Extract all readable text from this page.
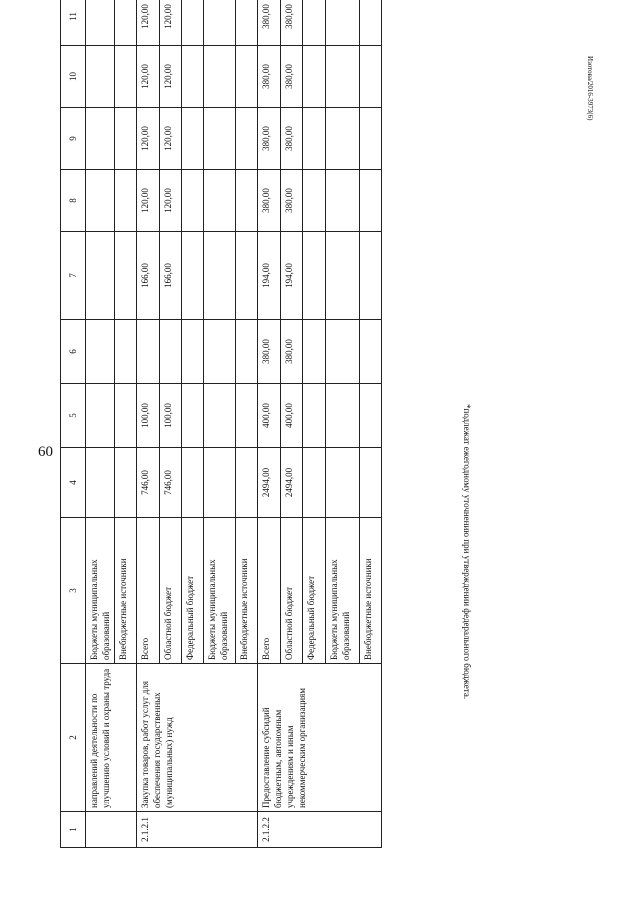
60
Изотова/2016-3973(6)
*подлежат ежегодному уточнению при утверждении федерального бюджета.
1	2	3	4	5	6	7	8	9	10	11
	направлений деятельности по улучшению условий и охраны труда	Бюджеты муниципальных образований								
		Внебюджетные источники								
2.1.2.1	Закупка товаров, работ услуг для обеспечения государственных (муниципальных) нужд	Всего	746,00	100,00		166,00	120,00	120,00	120,00	120,00
		Областной бюджет	746,00	100,00		166,00	120,00	120,00	120,00	120,00
		Федеральный бюджет								
		Бюджеты муниципальных образований								
		Внебюджетные источники								
2.1.2.2	Предоставление субсидий бюджетным, автономным учреждениям и иным некоммерческим организациям	Всего	2494,00	400,00	380,00	194,00	380,00	380,00	380,00	380,00
		Областной бюджет	2494,00	400,00	380,00	194,00	380,00	380,00	380,00	380,00
		Федеральный бюджет								
		Бюджеты муниципальных образований								
		Внебюджетные источники								
